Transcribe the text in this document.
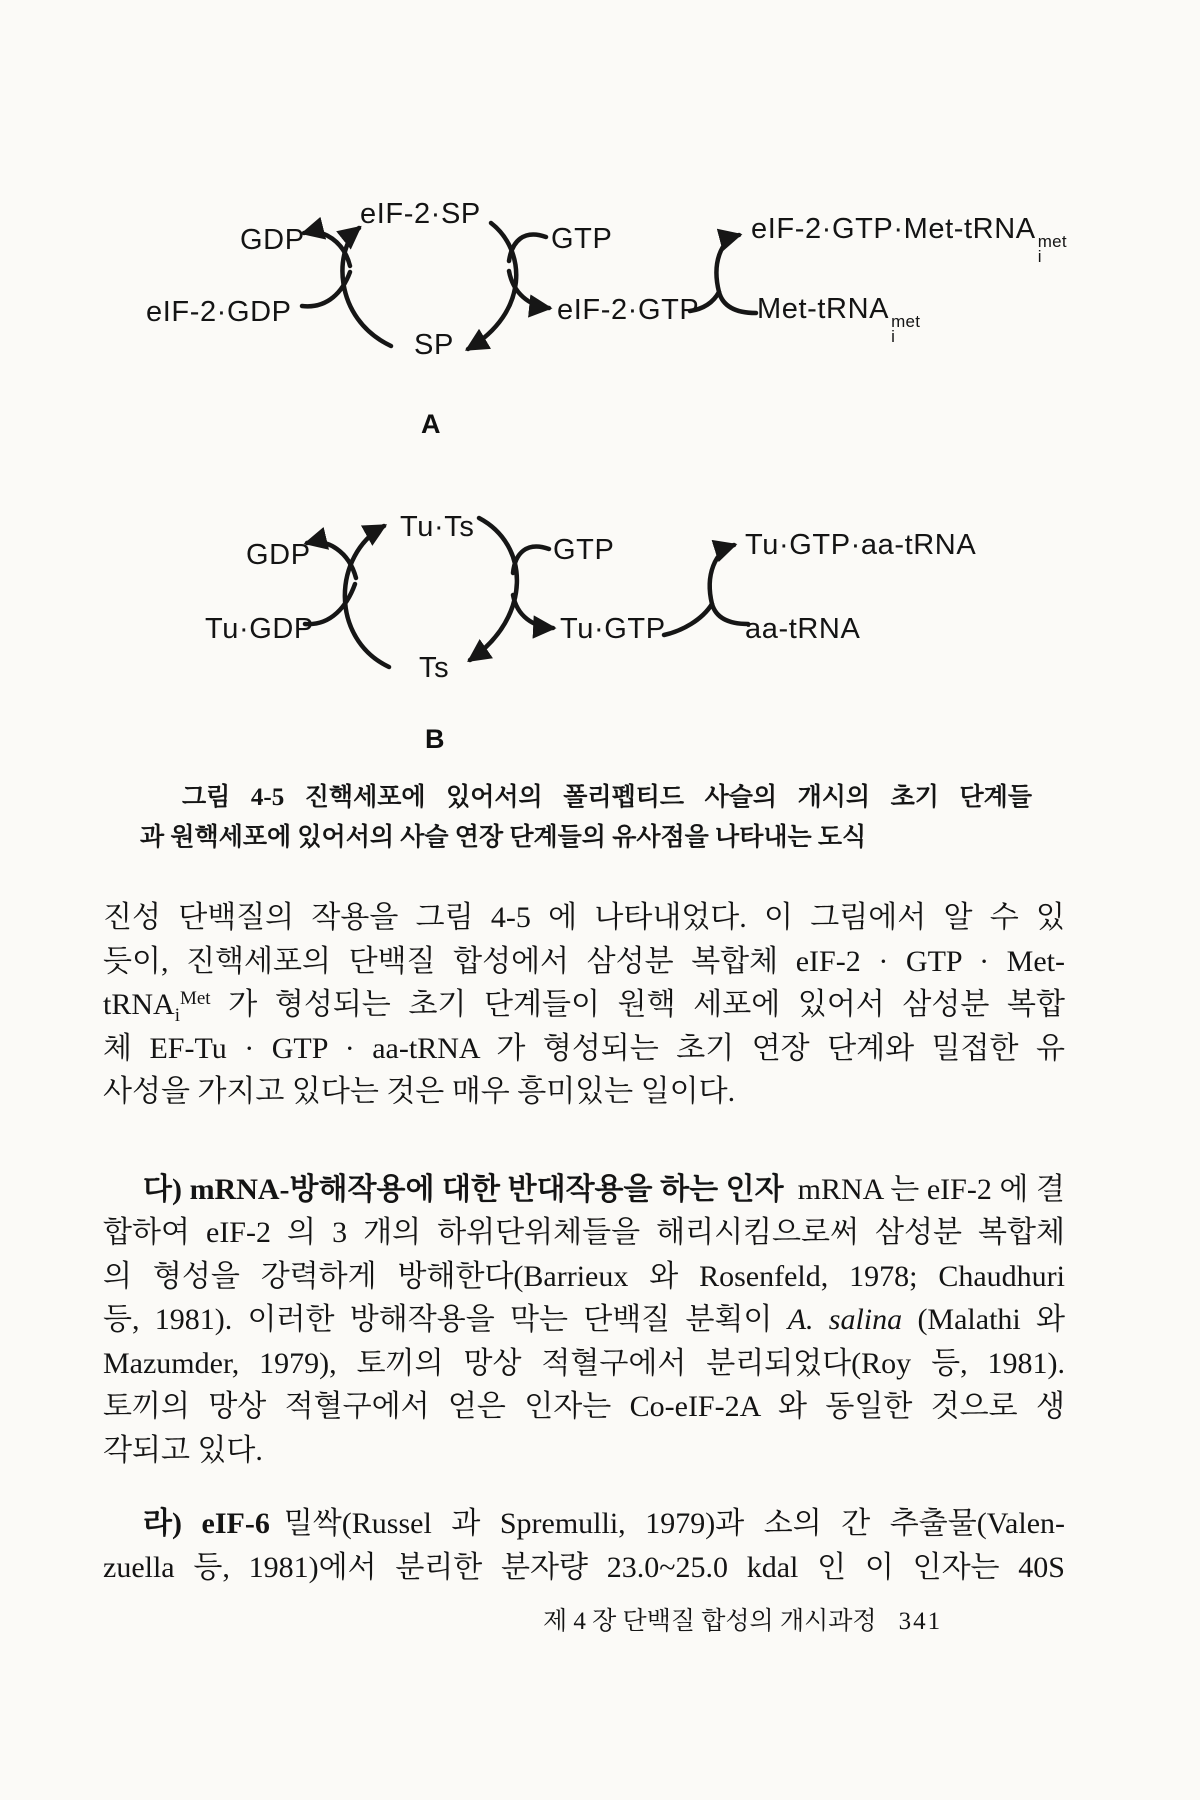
eIF-2·SP
GDP	GTP
eIF-2·GDP	eIF-2·GTP
SP
eIF-2·GTP·Met-tRNA met
i
Met-tRNA met
i
A
Tu·Ts
GDP	GTP
Tu·GDP	Tu·GTP
Ts
Tu·GTP·aa-tRNA
aa-tRNA
B
그림 4-5 진핵세포에 있어서의 폴리펩티드 사슬의 개시의 초기 단계들
과 원핵세포에 있어서의 사슬 연장 단계들의 유사점을 나타내는 도식
진성 단백질의 작용을 그림 4-5 에 나타내었다. 이 그림에서 알 수 있
듯이, 진핵세포의 단백질 합성에서 삼성분 복합체 eIF-2 · GTP · Met-
tRNA$_i^{Met}$ 가 형성되는 초기 단계들이 원핵 세포에 있어서 삼성분 복합
체 EF-Tu · GTP · aa-tRNA 가 형성되는 초기 연장 단계와 밀접한 유
사성을 가지고 있다는 것은 매우 흥미있는 일이다.
다) mRNA-방해작용에 대한 반대작용을 하는 인자 mRNA 는 eIF-2 에 결
합하여 eIF-2 의 3 개의 하위단위체들을 해리시킴으로써 삼성분 복합체
의 형성을 강력하게 방해한다(Barrieux 와 Rosenfeld, 1978; Chaudhuri
등, 1981). 이러한 방해작용을 막는 단백질 분획이 A. salina (Malathi 와
Mazumder, 1979), 토끼의 망상 적혈구에서 분리되었다(Roy 등, 1981).
토끼의 망상 적혈구에서 얻은 인자는 Co-eIF-2A 와 동일한 것으로 생
각되고 있다.
라) eIF-6 밀싹(Russel 과 Spremulli, 1979)과 소의 간 추출물(Valen-
zuella 등, 1981)에서 분리한 분자량 23.0~25.0 kdal 인 이 인자는 40S
제 4 장 단백질 합성의 개시과정 341
